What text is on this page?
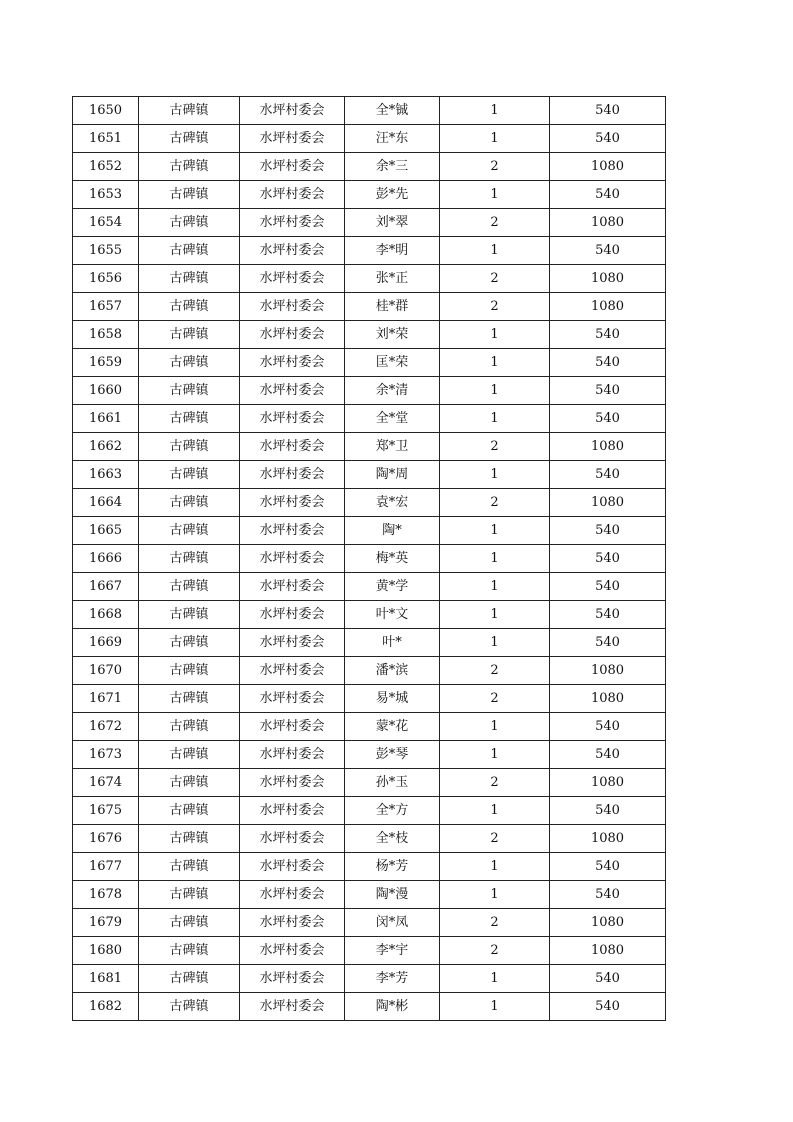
1650	古碑镇	水坪村委会	全*铖	1	540
1651	古碑镇	水坪村委会	汪*东	1	540
1652	古碑镇	水坪村委会	余*三	2	1080
1653	古碑镇	水坪村委会	彭*先	1	540
1654	古碑镇	水坪村委会	刘*翠	2	1080
1655	古碑镇	水坪村委会	李*明	1	540
1656	古碑镇	水坪村委会	张*正	2	1080
1657	古碑镇	水坪村委会	桂*群	2	1080
1658	古碑镇	水坪村委会	刘*荣	1	540
1659	古碑镇	水坪村委会	匡*荣	1	540
1660	古碑镇	水坪村委会	余*清	1	540
1661	古碑镇	水坪村委会	全*堂	1	540
1662	古碑镇	水坪村委会	郑*卫	2	1080
1663	古碑镇	水坪村委会	陶*周	1	540
1664	古碑镇	水坪村委会	袁*宏	2	1080
1665	古碑镇	水坪村委会	陶*	1	540
1666	古碑镇	水坪村委会	梅*英	1	540
1667	古碑镇	水坪村委会	黄*学	1	540
1668	古碑镇	水坪村委会	叶*文	1	540
1669	古碑镇	水坪村委会	叶*	1	540
1670	古碑镇	水坪村委会	潘*滨	2	1080
1671	古碑镇	水坪村委会	易*城	2	1080
1672	古碑镇	水坪村委会	蒙*花	1	540
1673	古碑镇	水坪村委会	彭*琴	1	540
1674	古碑镇	水坪村委会	孙*玉	2	1080
1675	古碑镇	水坪村委会	全*方	1	540
1676	古碑镇	水坪村委会	全*枝	2	1080
1677	古碑镇	水坪村委会	杨*芳	1	540
1678	古碑镇	水坪村委会	陶*漫	1	540
1679	古碑镇	水坪村委会	闵*凤	2	1080
1680	古碑镇	水坪村委会	李*宇	2	1080
1681	古碑镇	水坪村委会	李*芳	1	540
1682	古碑镇	水坪村委会	陶*彬	1	540
